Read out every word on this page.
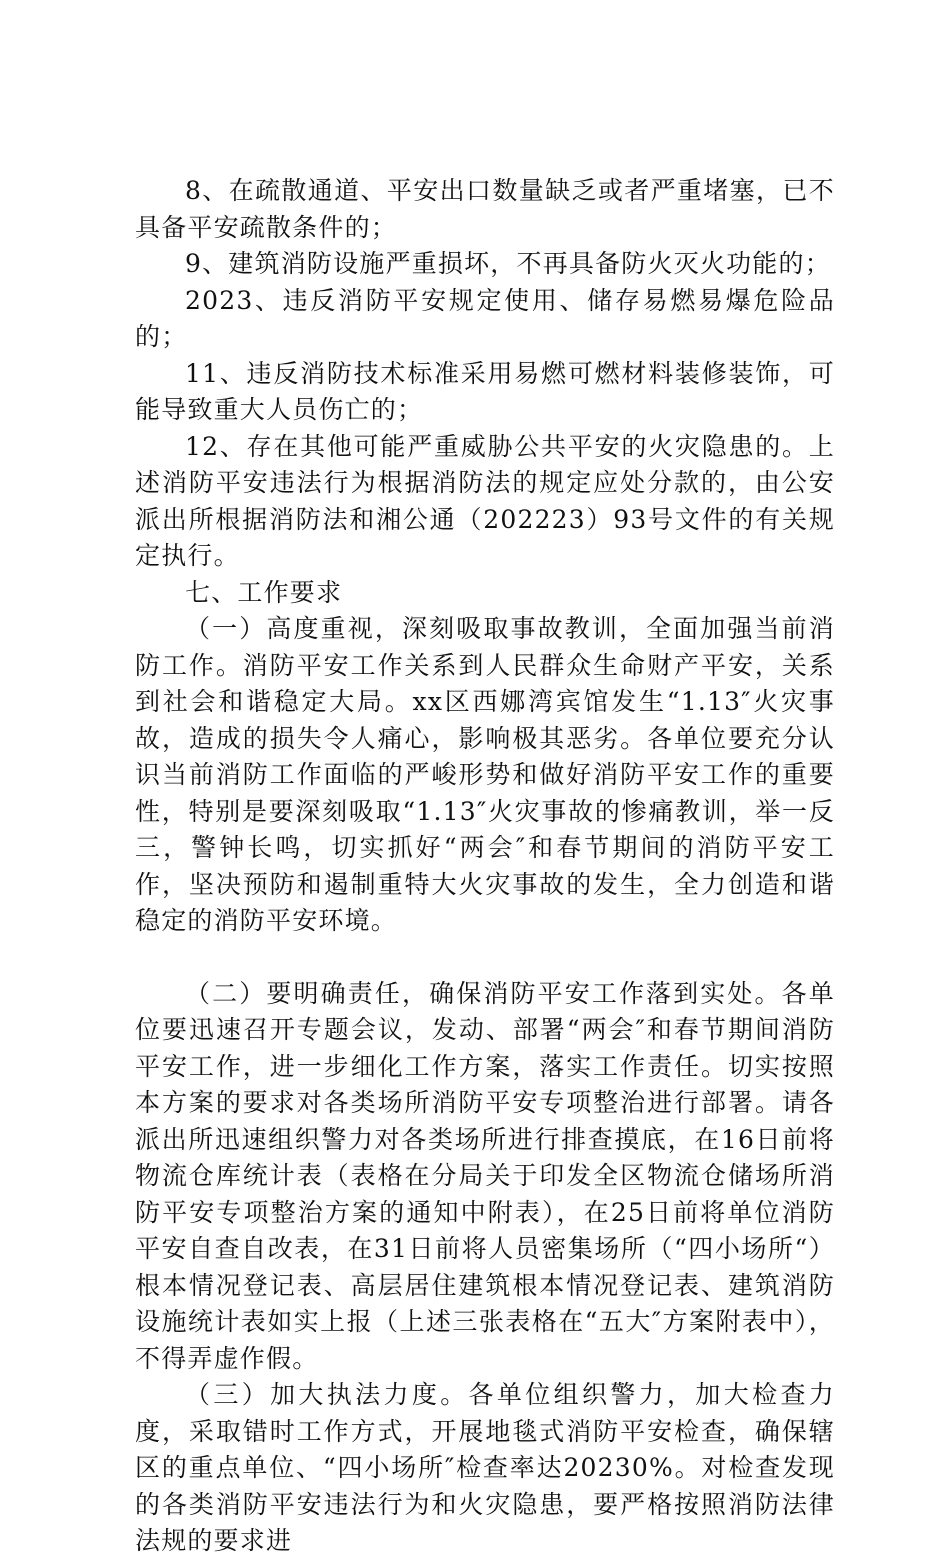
8、在疏散通道、平安出口数量缺乏或者严重堵塞，已不具备平安疏散条件的；

9、建筑消防设施严重损坏，不再具备防火灭火功能的；

2023、违反消防平安规定使用、储存易燃易爆危险品的；

11、违反消防技术标准采用易燃可燃材料装修装饰，可能导致重大人员伤亡的；

12、存在其他可能严重威胁公共平安的火灾隐患的。上述消防平安违法行为根据消防法的规定应处分款的，由公安派出所根据消防法和湘公通（202223）93号文件的有关规定执行。

七、工作要求

（一）高度重视，深刻吸取事故教训，全面加强当前消防工作。消防平安工作关系到人民群众生命财产平安，关系到社会和谐稳定大局。xx区西娜湾宾馆发生“1.13″火灾事故，造成的损失令人痛心，影响极其恶劣。各单位要充分认识当前消防工作面临的严峻形势和做好消防平安工作的重要性，特别是要深刻吸取“1.13″火灾事故的惨痛教训，举一反三，警钟长鸣，切实抓好“两会″和春节期间的消防平安工作，坚决预防和遏制重特大火灾事故的发生，全力创造和谐稳定的消防平安环境。

（二）要明确责任，确保消防平安工作落到实处。各单位要迅速召开专题会议，发动、部署“两会″和春节期间消防平安工作，进一步细化工作方案，落实工作责任。切实按照本方案的要求对各类场所消防平安专项整治进行部署。请各派出所迅速组织警力对各类场所进行排查摸底，在16日前将物流仓库统计表（表格在分局关于印发全区物流仓储场所消防平安专项整治方案的通知中附表），在25日前将单位消防平安自查自改表，在31日前将人员密集场所（“四小场所“）根本情况登记表、高层居住建筑根本情况登记表、建筑消防设施统计表如实上报（上述三张表格在“五大″方案附表中），不得弄虚作假。

（三）加大执法力度。各单位组织警力，加大检查力度，采取错时工作方式，开展地毯式消防平安检查，确保辖区的重点单位、“四小场所″检查率达20230%。对检查发现的各类消防平安违法行为和火灾隐患，要严格按照消防法律法规的要求进
